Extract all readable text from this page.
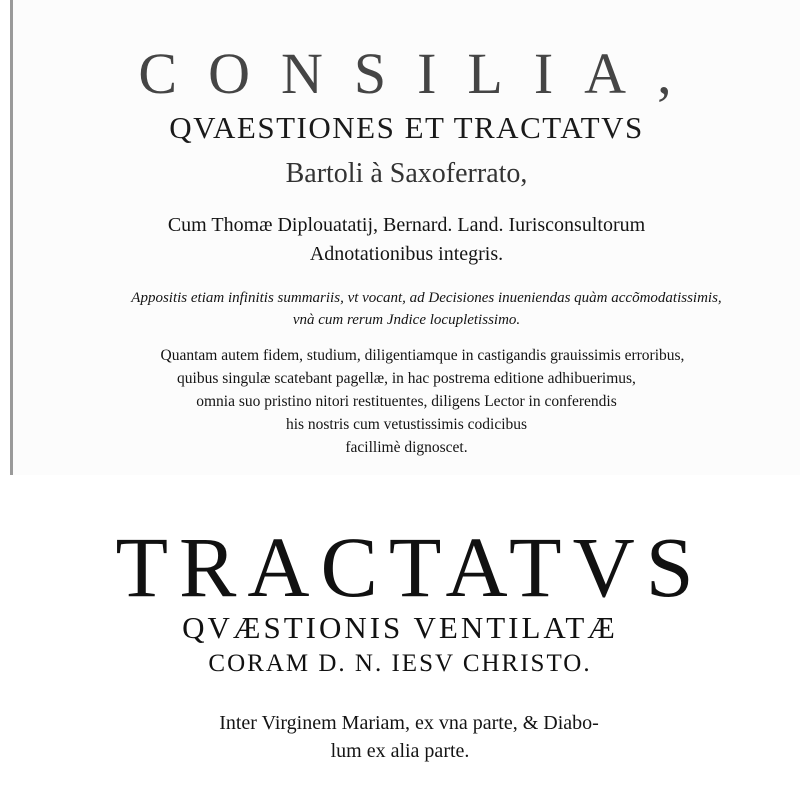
CONSILIA,

QVAESTIONES ET TRACTATVS

Bartoli à Saxoferrato,

Cum Thomæ Diplouatatij, Bernard. Land. Iurisconsultorum

Adnotationibus integris.

Appositis etiam infinitis summariis, vt vocant, ad Decisiones inueniendas quàm accõmodatissimis,

vnà cum rerum Jndice locupletissimo.

Quantam autem fidem, studium, diligentiamque in castigandis grauissimis erroribus,

quibus singulæ scatebant pagellæ, in hac postrema editione adhibuerimus,

omnia suo pristino nitori restituentes, diligens Lector in conferendis

his nostris cum vetustissimis codicibus

facillimè dignoscet.

TRACTATVS

QVÆSTIONIS VENTILATÆ

CORAM D. N. IESV CHRISTO.

Inter Virginem Mariam, ex vna parte, & Diabo-

lum ex alia parte.
